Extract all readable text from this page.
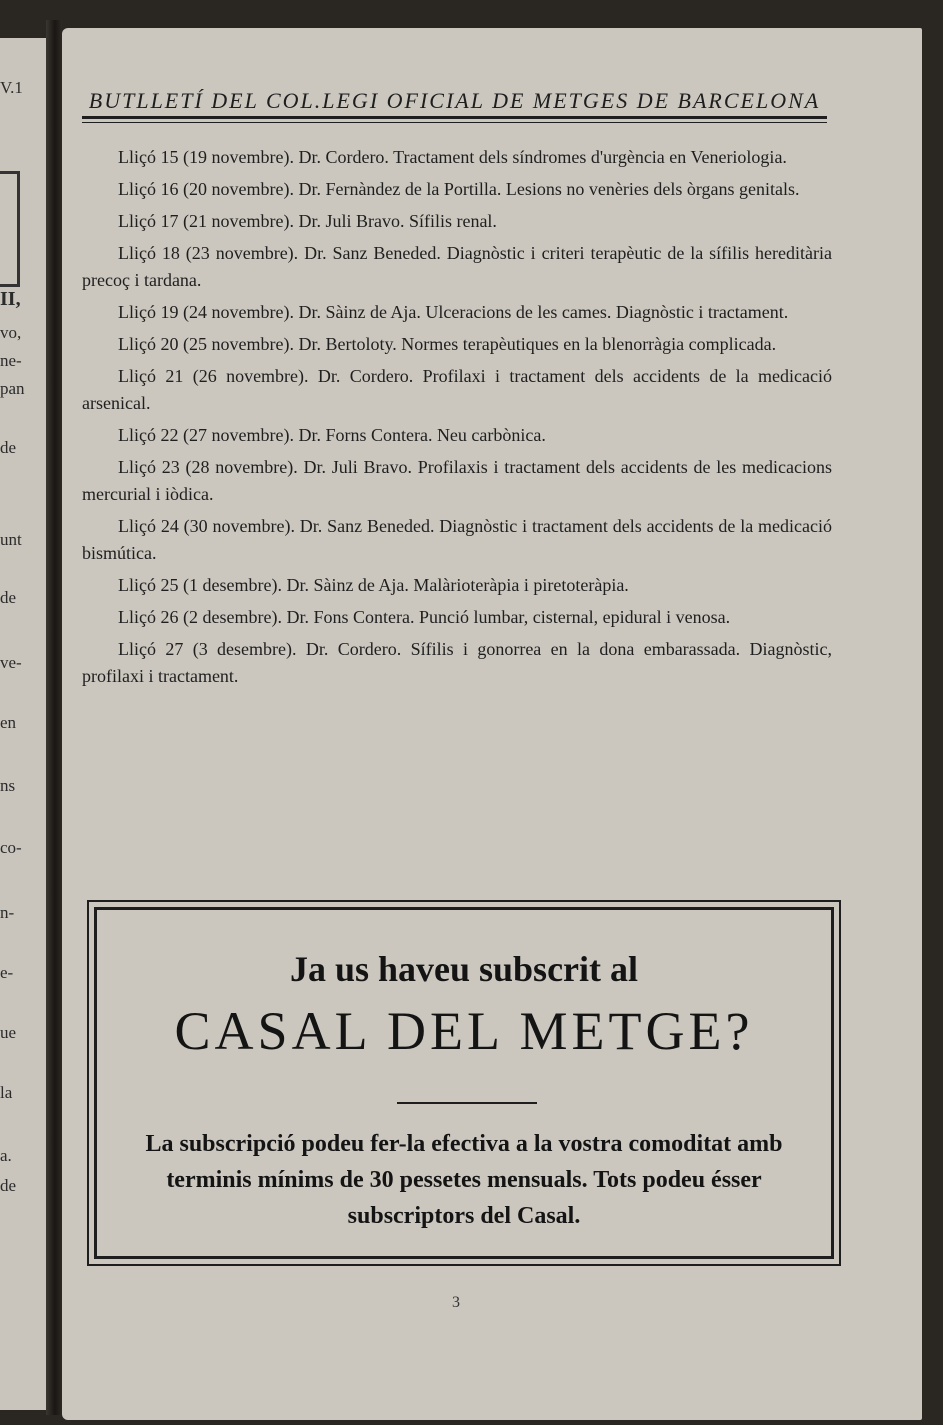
V.1
II,
vo,
ne-
pan
de
unt
de
ve-
en
ns
co-
n-
e-
ue
la
a.
de
BUTLLETÍ DEL COL.LEGI OFICIAL DE METGES DE BARCELONA

Lliçó 15 (19 novembre). Dr. Cordero. Tractament dels síndromes d'urgència en Veneriologia.

Lliçó 16 (20 novembre). Dr. Fernàndez de la Portilla. Lesions no venèries dels òrgans genitals.

Lliçó 17 (21 novembre). Dr. Juli Bravo. Sífilis renal.

Lliçó 18 (23 novembre). Dr. Sanz Beneded. Diagnòstic i criteri terapèutic de la sífilis hereditària precoç i tardana.

Lliçó 19 (24 novembre). Dr. Sàinz de Aja. Ulceracions de les cames. Diagnòstic i tractament.

Lliçó 20 (25 novembre). Dr. Bertoloty. Normes terapèutiques en la blenorràgia complicada.

Lliçó 21 (26 novembre). Dr. Cordero. Profilaxi i tractament dels accidents de la medicació arsenical.

Lliçó 22 (27 novembre). Dr. Forns Contera. Neu carbònica.

Lliçó 23 (28 novembre). Dr. Juli Bravo. Profilaxis i tractament dels accidents de les medicacions mercurial i iòdica.

Lliçó 24 (30 novembre). Dr. Sanz Beneded. Diagnòstic i tractament dels accidents de la medicació bismútica.

Lliçó 25 (1 desembre). Dr. Sàinz de Aja. Malàrioteràpia i piretoteràpia.

Lliçó 26 (2 desembre). Dr. Fons Contera. Punció lumbar, cisternal, epidural i venosa.

Lliçó 27 (3 desembre). Dr. Cordero. Sífilis i gonorrea en la dona embarassada. Diagnòstic, profilaxi i tractament.

Ja us haveu subscrit al
CASAL DEL METGE?
La subscripció podeu fer-la efectiva a la vostra comoditat amb terminis mínims de 30 pessetes mensuals. Tots podeu ésser subscriptors del Casal.
3
